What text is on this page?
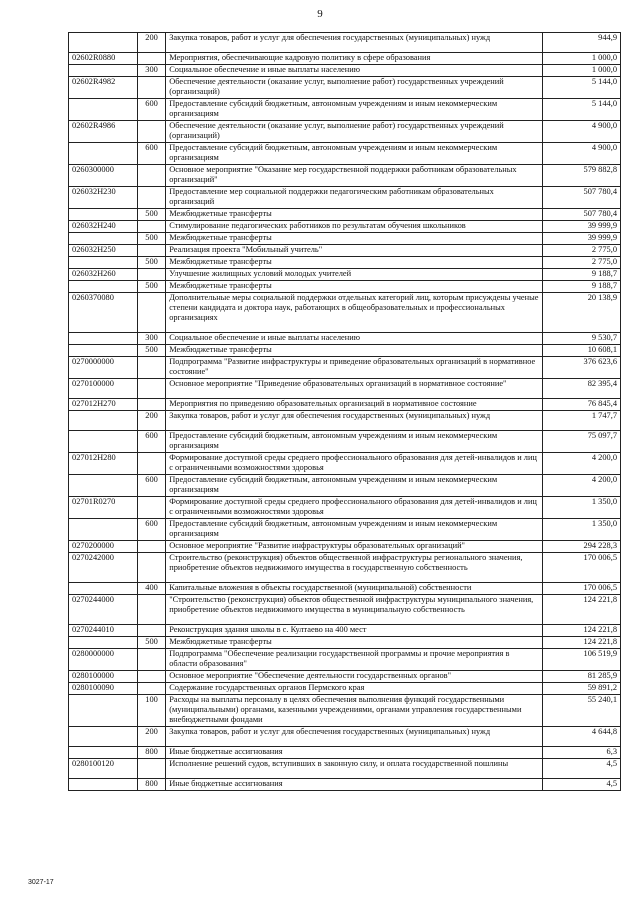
9
	200	Закупка товаров, работ и услуг для обеспечения государственных (муниципальных) нужд	944,9
02602R0880		Мероприятия, обеспечивающие кадровую политику в сфере образования	1 000,0
	300	Социальное обеспечение и иные выплаты населению	1 000,0
02602R4982		Обеспечение деятельности (оказание услуг, выполнение работ) государственных учреждений (организаций)	5 144,0
	600	Предоставление субсидий бюджетным, автономным учреждениям и иным некоммерческим организациям	5 144,0
02602R4986		Обеспечение деятельности (оказание услуг, выполнение работ) государственных учреждений (организаций)	4 900,0
	600	Предоставление субсидий бюджетным, автономным учреждениям и иным некоммерческим организациям	4 900,0
0260300000		Основное мероприятие "Оказание мер государственной поддержки работникам образовательных организаций"	579 882,8
026032Н230		Предоставление мер социальной поддержки педагогическим работникам образовательных организаций	507 780,4
	500	Межбюджетные трансферты	507 780,4
026032Н240		Стимулирование педагогических работников по результатам обучения школьников	39 999,9
	500	Межбюджетные трансферты	39 999,9
026032Н250		Реализация проекта "Мобильный учитель"	2 775,0
	500	Межбюджетные трансферты	2 775,0
026032Н260		Улучшение жилищных условий молодых учителей	9 188,7
	500	Межбюджетные трансферты	9 188,7
0260370080		Дополнительные меры социальной поддержки отдельных категорий лиц, которым присуждены ученые степени кандидата и доктора наук, работающих в общеобразовательных и профессиональных организациях	20 138,9
	300	Социальное обеспечение и иные выплаты населению	9 530,7
	500	Межбюджетные трансферты	10 608,1
0270000000		Подпрограмма "Развитие инфраструктуры и приведение образовательных организаций в нормативное состояние"	376 623,6
0270100000		Основное мероприятие "Приведение образовательных организаций в нормативное состояние"	82 395,4
027012Н270		Мероприятия по приведению образовательных организаций в нормативное состояние	76 845,4
	200	Закупка товаров, работ и услуг для обеспечения государственных (муниципальных) нужд	1 747,7
	600	Предоставление субсидий бюджетным, автономным учреждениям и иным некоммерческим организациям	75 097,7
027012Н280		Формирование доступной среды среднего профессионального образования для детей-инвалидов и лиц с ограниченными возможностями здоровья	4 200,0
	600	Предоставление субсидий бюджетным, автономным учреждениям и иным некоммерческим организациям	4 200,0
02701R0270		Формирование доступной среды среднего профессионального образования для детей-инвалидов и лиц с ограниченными возможностями здоровья	1 350,0
	600	Предоставление субсидий бюджетным, автономным учреждениям и иным некоммерческим организациям	1 350,0
0270200000		Основное мероприятие "Развитие инфраструктуры образовательных организаций"	294 228,3
0270242000		Строительство (реконструкция) объектов общественной инфраструктуры регионального значения, приобретение объектов недвижимого имущества в государственную собственность	170 006,5
	400	Капитальные вложения в объекты государственной (муниципальной) собственности	170 006,5
0270244000		"Строительство (реконструкция) объектов общественной инфраструктуры муниципального значения, приобретение объектов недвижимого имущества в муниципальную собственность	124 221,8
0270244010		Реконструкция здания школы в с. Култаево на 400 мест	124 221,8
	500	Межбюджетные трансферты	124 221,8
0280000000		Подпрограмма "Обеспечение реализации государственной программы и прочие мероприятия в области образования"	106 519,9
0280100000		Основное мероприятие "Обеспечение деятельности государственных органов"	81 285,9
0280100090		Содержание государственных органов Пермского края	59 891,2
	100	Расходы на выплаты персоналу в целях обеспечения выполнения функций государственными (муниципальными) органами, казенными учреждениями, органами управления государственными внебюджетными фондами	55 240,1
	200	Закупка товаров, работ и услуг для обеспечения государственных (муниципальных) нужд	4 644,8
	800	Иные бюджетные ассигнования	6,3
0280100120		Исполнение решений судов, вступивших в законную силу, и оплата государственной пошлины	4,5
	800	Иные бюджетные ассигнования	4,5
3027-17
